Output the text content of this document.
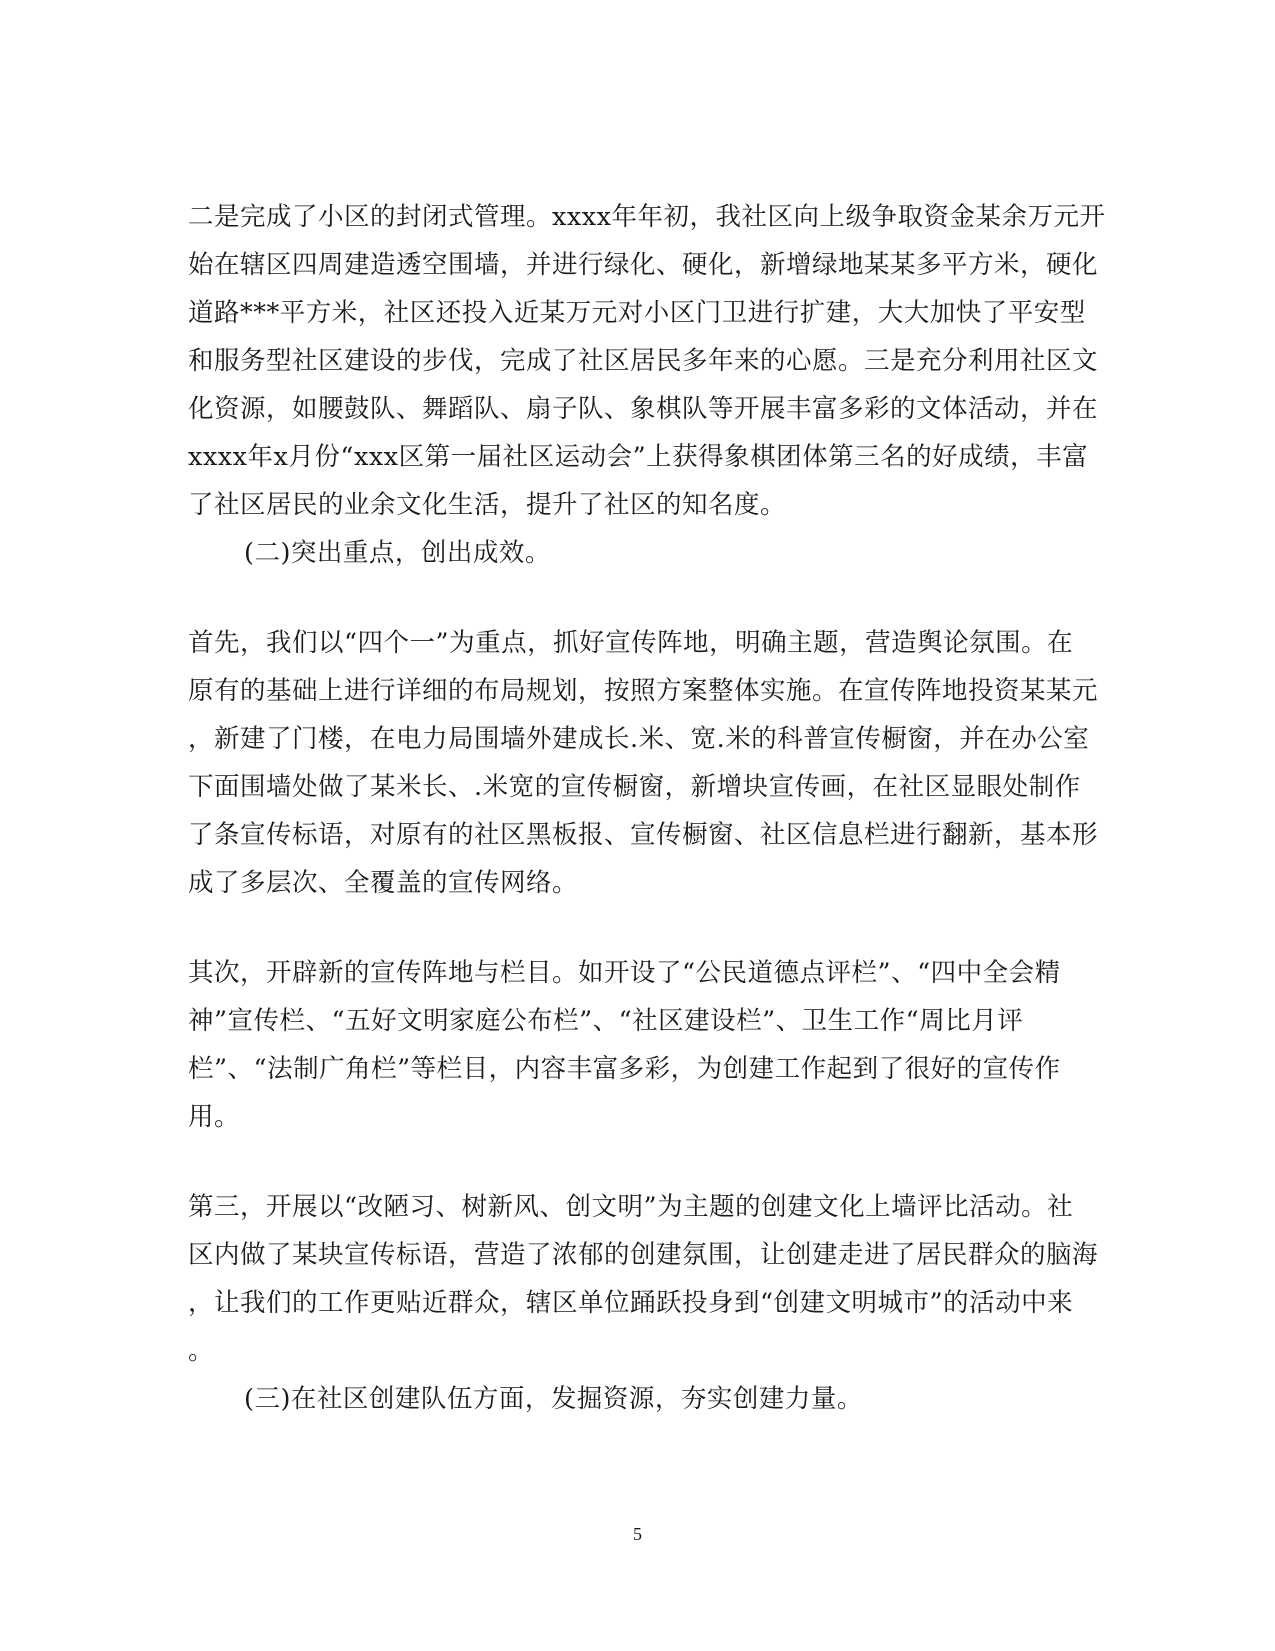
二是完成了小区的封闭式管理。xxxx年年初，我社区向上级争取资金某余万元开
始在辖区四周建造透空围墙，并进行绿化、硬化，新增绿地某某多平方米，硬化
道路***平方米，社区还投入近某万元对小区门卫进行扩建，大大加快了平安型
和服务型社区建设的步伐，完成了社区居民多年来的心愿。三是充分利用社区文
化资源，如腰鼓队、舞蹈队、扇子队、象棋队等开展丰富多彩的文体活动，并在
xxxx年x月份“xxx区第一届社区运动会”上获得象棋团体第三名的好成绩，丰富
了社区居民的业余文化生活，提升了社区的知名度。
(二)突出重点，创出成效。
首先，我们以“四个一”为重点，抓好宣传阵地，明确主题，营造舆论氛围。在
原有的基础上进行详细的布局规划，按照方案整体实施。在宣传阵地投资某某元
，新建了门楼，在电力局围墙外建成长.米、宽.米的科普宣传橱窗，并在办公室
下面围墙处做了某米长、.米宽的宣传橱窗，新增块宣传画，在社区显眼处制作
了条宣传标语，对原有的社区黑板报、宣传橱窗、社区信息栏进行翻新，基本形
成了多层次、全覆盖的宣传网络。
其次，开辟新的宣传阵地与栏目。如开设了“公民道德点评栏”、“四中全会精
神”宣传栏、“五好文明家庭公布栏”、“社区建设栏”、卫生工作“周比月评
栏”、“法制广角栏”等栏目，内容丰富多彩，为创建工作起到了很好的宣传作
用。
第三，开展以“改陋习、树新风、创文明”为主题的创建文化上墙评比活动。社
区内做了某块宣传标语，营造了浓郁的创建氛围，让创建走进了居民群众的脑海
，让我们的工作更贴近群众，辖区单位踊跃投身到“创建文明城市”的活动中来
。
(三)在社区创建队伍方面，发掘资源，夯实创建力量。
5
